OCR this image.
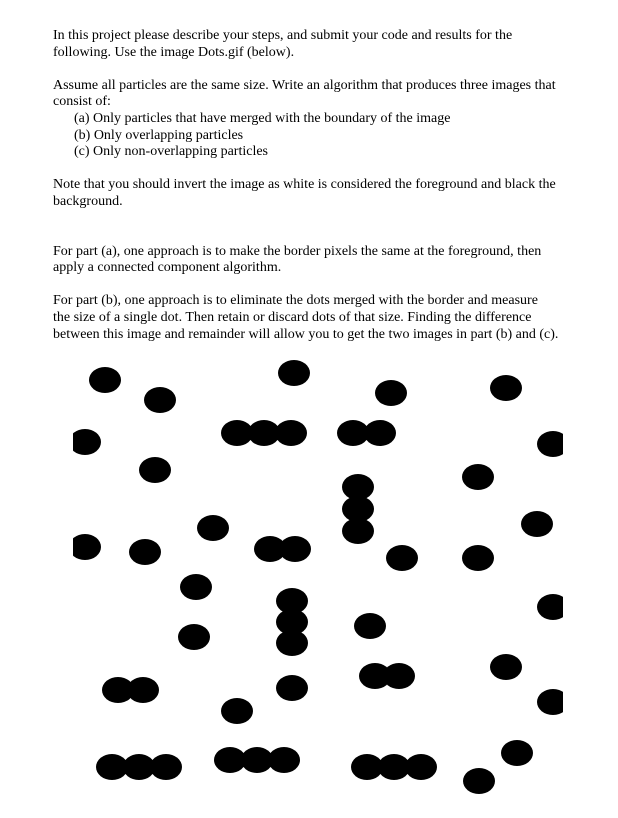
In this project please describe your steps, and submit your code and results for the

following. Use the image Dots.gif (below).

Assume all particles are the same size. Write an algorithm that produces three images that

consist of:

(a) Only particles that have merged with the boundary of the image
(b) Only overlapping particles
(c) Only non-overlapping particles

Note that you should invert the image as white is considered the foreground and black the

background.

For part (a), one approach is to make the border pixels the same at the foreground, then

apply a connected component algorithm.

For part (b), one approach is to eliminate the dots merged with the border and measure

the size of a single dot. Then retain or discard dots of that size. Finding the difference

between this image and remainder will allow you to get the two images in part (b) and (c).
